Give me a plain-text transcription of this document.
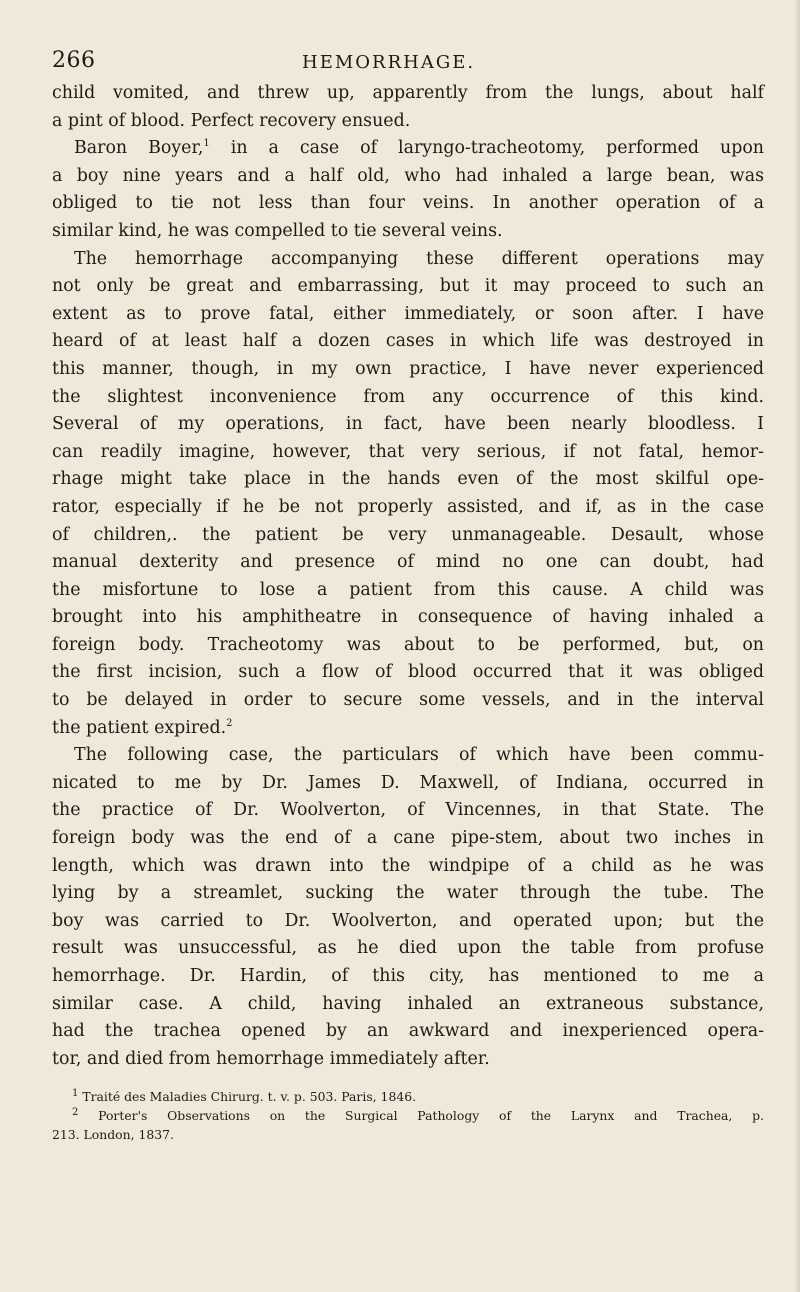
266	HEMORRHAGE.
child vomited, and threw up, apparently from the lungs, about half
a pint of blood. Perfect recovery ensued.
Baron Boyer,$^1$ in a case of laryngo-tracheotomy, performed upon
a boy nine years and a half old, who had inhaled a large bean, was
obliged to tie not less than four veins. In another operation of a
similar kind, he was compelled to tie several veins.
The hemorrhage accompanying these different operations may
not only be great and embarrassing, but it may proceed to such an
extent as to prove fatal, either immediately, or soon after. I have
heard of at least half a dozen cases in which life was destroyed in
this manner, though, in my own practice, I have never experienced
the slightest inconvenience from any occurrence of this kind.
Several of my operations, in fact, have been nearly bloodless. I
can readily imagine, however, that very serious, if not fatal, hemor-
rhage might take place in the hands even of the most skilful ope-
rator, especially if he be not properly assisted, and if, as in the case
of children,. the patient be very unmanageable. Desault, whose
manual dexterity and presence of mind no one can doubt, had
the misfortune to lose a patient from this cause. A child was
brought into his amphitheatre in consequence of having inhaled a
foreign body. Tracheotomy was about to be performed, but, on
the first incision, such a flow of blood occurred that it was obliged
to be delayed in order to secure some vessels, and in the interval
the patient expired.$^2$
The following case, the particulars of which have been commu-
nicated to me by Dr. James D. Maxwell, of Indiana, occurred in
the practice of Dr. Woolverton, of Vincennes, in that State. The
foreign body was the end of a cane pipe-stem, about two inches in
length, which was drawn into the windpipe of a child as he was
lying by a streamlet, sucking the water through the tube. The
boy was carried to Dr. Woolverton, and operated upon; but the
result was unsuccessful, as he died upon the table from profuse
hemorrhage. Dr. Hardin, of this city, has mentioned to me a
similar case. A child, having inhaled an extraneous substance,
had the trachea opened by an awkward and inexperienced opera-
tor, and died from hemorrhage immediately after.
$^1$ Traité des Maladies Chirurg. t. v. p. 503. Paris, 1846.
$^2$ Porter's Observations on the Surgical Pathology of the Larynx and Trachea, p.
213. London, 1837.
